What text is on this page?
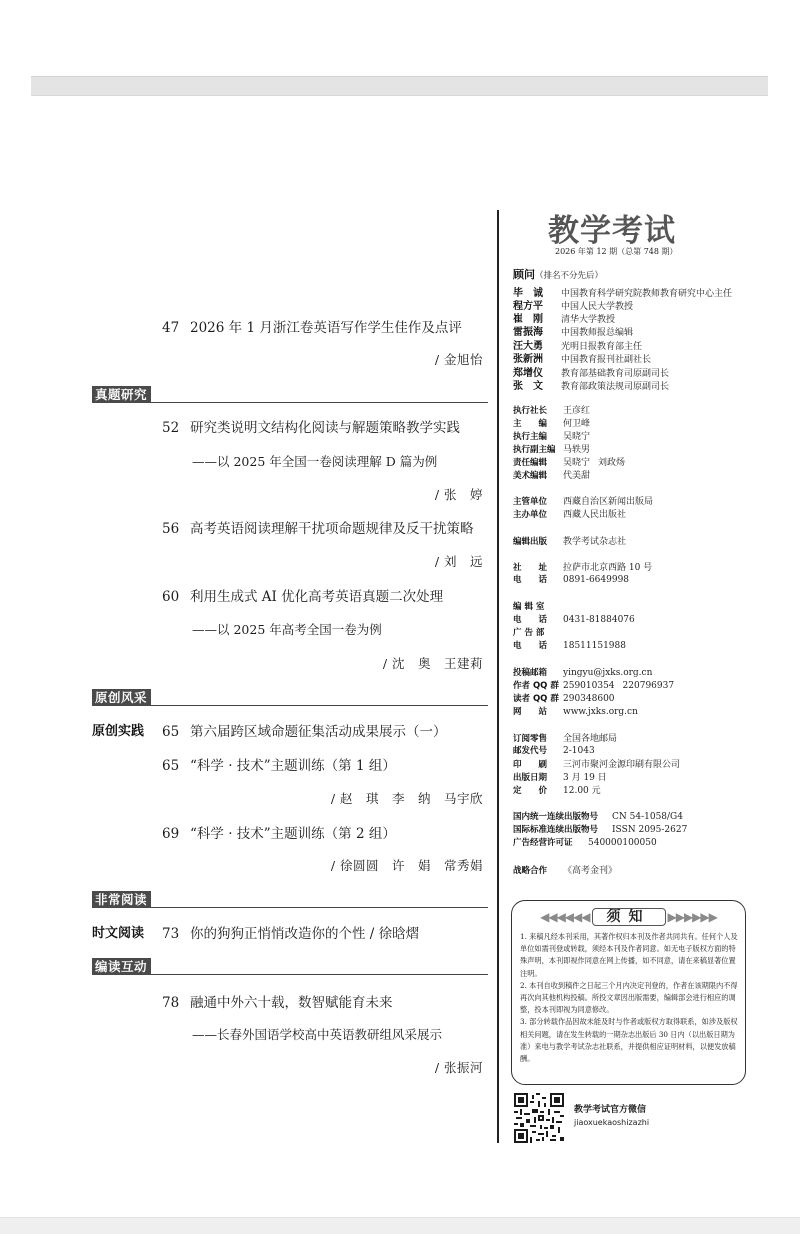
47 2026 年 1 月浙江卷英语写作学生佳作及点评
/ 金旭怡
真题研究
52 研究类说明文结构化阅读与解题策略教学实践
——以 2025 年全国一卷阅读理解 D 篇为例
/ 张　婷
56 高考英语阅读理解干扰项命题规律及反干扰策略
/ 刘　远
60 利用生成式 AI 优化高考英语真题二次处理
——以 2025 年高考全国一卷为例
/ 沈　奥　王建莉
原创风采
原创实践 65 第六届跨区域命题征集活动成果展示（一）
65 “科学 · 技术”主题训练（第 1 组）
/ 赵　琪　李　纳　马宇欣
69 “科学 · 技术”主题训练（第 2 组）
/ 徐圆圆　许　娟　常秀娟
非常阅读
时文阅读 73 你的狗狗正悄悄改造你的个性 / 徐晗熠
编读互动
78 融通中外六十载，数智赋能育未来
——长春外国语学校高中英语教研组风采展示
/ 张振河
教学考试
2026 年第 12 期（总第 748 期）
顾问（排名不分先后）
毕　诚 中国教育科学研究院教师教育研究中心主任
程方平 中国人民大学教授
崔　刚 清华大学教授
雷振海 中国教师报总编辑
汪大勇 光明日报教育部主任
张新洲 中国教育报刊社副社长
郑增仪 教育部基础教育司原副司长
张　文 教育部政策法规司原副司长
执行社长 王彦红
主　　编 何卫峰
执行主编 吴晓宁
执行副主编 马轶男
责任编辑 吴晓宁 刘政炀
美术编辑 代美甜
主管单位 西藏自治区新闻出版局
主办单位 西藏人民出版社
编辑出版 教学考试杂志社
社　　址 拉萨市北京西路 10 号
电　　话 0891-6649998
编 辑 室
电　　话 0431-81884076
广 告 部
电　　话 18511151988
投稿邮箱 yingyu@jxks.org.cn
作者 QQ 群 259010354 220796937
读者 QQ 群 290348600
网　　站 www.jxks.org.cn
订阅零售 全国各地邮局
邮发代号 2-1043
印　　刷 三河市聚河金源印刷有限公司
出版日期 3 月 19 日
定　　价 12.00 元
国内统一连续出版物号 CN 54-1058/G4
国际标准连续出版物号 ISSN 2095-2627
广告经营许可证 540000100050
战略合作 《高考金刊》
◀◀◀◀◀◀ 须知 ▶▶▶▶▶▶

1. 来稿凡经本刊采用，其著作权归本刊及作者共同共有。任何个人及单位如需刊登或转载，须经本刊及作者同意。如无电子版权方面的特殊声明，本刊即视作同意在网上传播，如不同意，请在来稿显著位置注明。

2. 本刊自收到稿件之日起三个月内决定刊登的，作者在该期限内不得再次向其他机构投稿。所投文章因出版需要，编辑部会进行相应的调整，投本刊即视为同意修改。

3. 部分转载作品因故未能及时与作者或版权方取得联系，如涉及版权相关问题，请在发生转载的一期杂志出版后 30 日内（以出版日期为准）来电与教学考试杂志社联系，并提供相应证明材料，以便发放稿酬。

教学考试官方微信
jiaoxuekaoshizazhi
